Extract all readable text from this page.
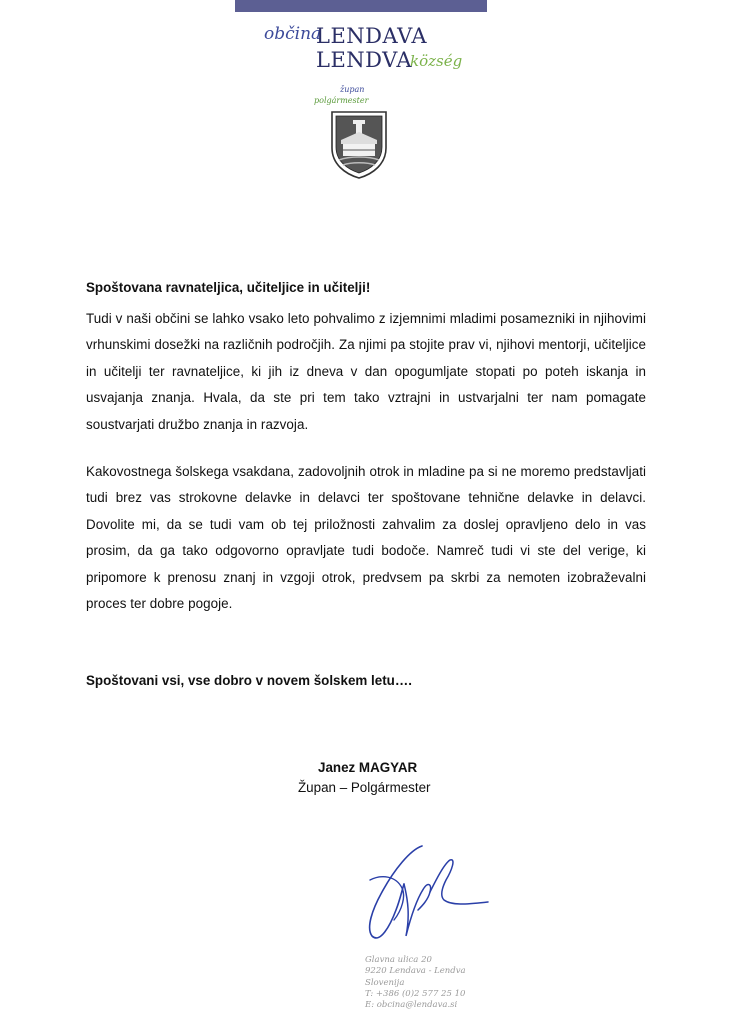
občina
LENDAVA
LENDVA
község
župan
polgármester

Spoštovana ravnateljica, učiteljice in učitelji!

Tudi v naši občini se lahko vsako leto pohvalimo z izjemnimi mladimi posamezniki in njihovimi vrhunskimi dosežki na različnih področjih. Za njimi pa stojite prav vi, njihovi mentorji, učiteljice in učitelji ter ravnateljice, ki jih iz dneva v dan opogumljate stopati po poteh iskanja in usvajanja znanja. Hvala, da ste pri tem tako vztrajni in ustvarjalni ter nam pomagate soustvarjati družbo znanja in razvoja.

Kakovostnega šolskega vsakdana, zadovoljnih otrok in mladine pa si ne moremo predstavljati tudi brez vas strokovne delavke in delavci ter spoštovane tehnične delavke in delavci. Dovolite mi, da se tudi vam ob tej priložnosti zahvalim za doslej opravljeno delo in vas prosim, da ga tako odgovorno opravljate tudi bodoče. Namreč tudi vi ste del verige, ki pripomore k prenosu znanj in vzgoji otrok, predvsem pa skrbi za nemoten izobraževalni proces ter dobre pogoje.

Spoštovani vsi, vse dobro v novem šolskem letu….

Janez MAGYAR
Župan – Polgármester
Glavna ulica 20
9220 Lendava - Lendva
Slovenija
T: +386 (0)2 577 25 10
E: obcina@lendava.si
